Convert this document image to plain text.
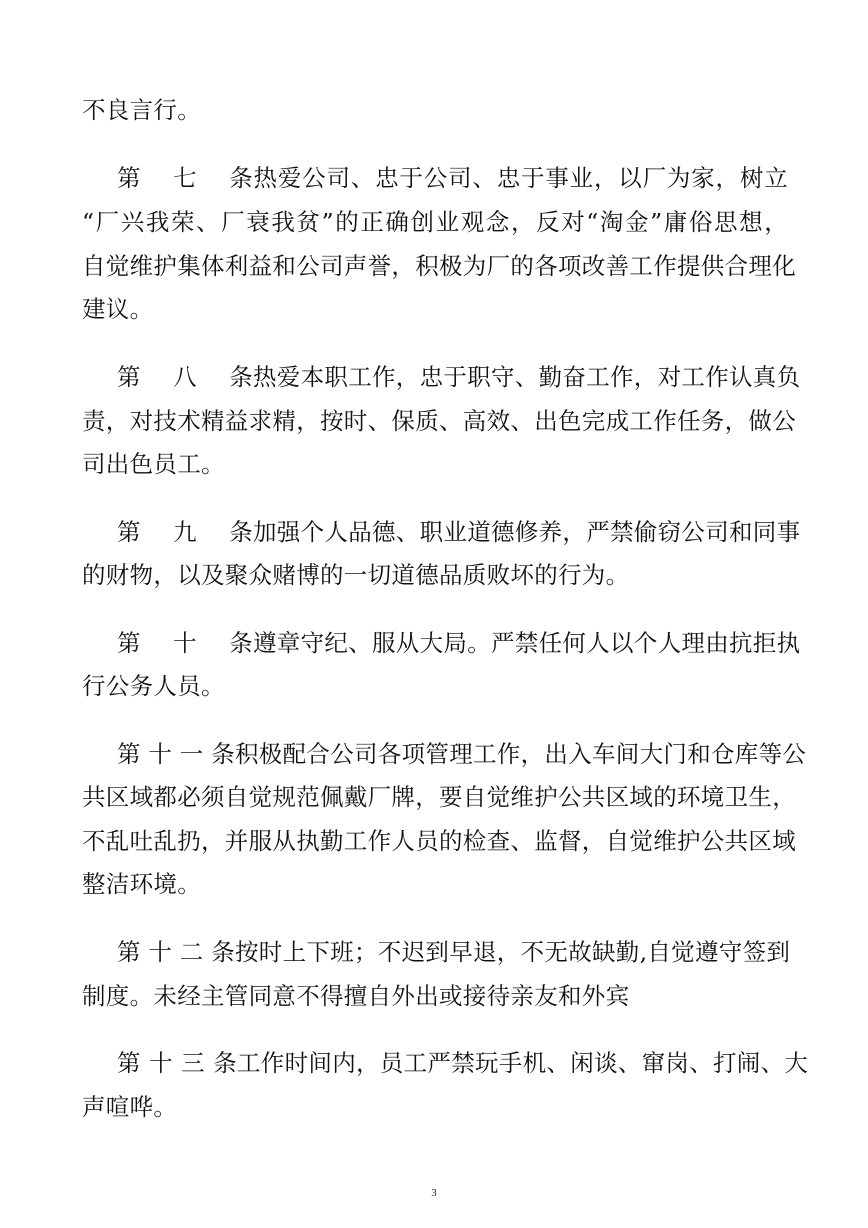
不良言行。
第七条热爱公司、忠于公司、忠于事业，以厂为家，树立
“厂兴我荣、厂衰我贫”的正确创业观念，反对“淘金”庸俗思想，
自觉维护集体利益和公司声誉，积极为厂的各项改善工作提供合理化
建议。
第八条热爱本职工作，忠于职守、勤奋工作，对工作认真负
责，对技术精益求精，按时、保质、高效、出色完成工作任务，做公
司出色员工。
第九条加强个人品德、职业道德修养，严禁偷窃公司和同事
的财物，以及聚众赌博的一切道德品质败坏的行为。
第十条遵章守纪、服从大局。严禁任何人以个人理由抗拒执
行公务人员。
第十一条积极配合公司各项管理工作，出入车间大门和仓库等公
共区域都必须自觉规范佩戴厂牌，要自觉维护公共区域的环境卫生，
不乱吐乱扔，并服从执勤工作人员的检查、监督，自觉维护公共区域
整洁环境。
第十二条按时上下班；不迟到早退，不无故缺勤,自觉遵守签到
制度。未经主管同意不得擅自外出或接待亲友和外宾
第十三条工作时间内，员工严禁玩手机、闲谈、窜岗、打闹、大
声喧哗。
3
